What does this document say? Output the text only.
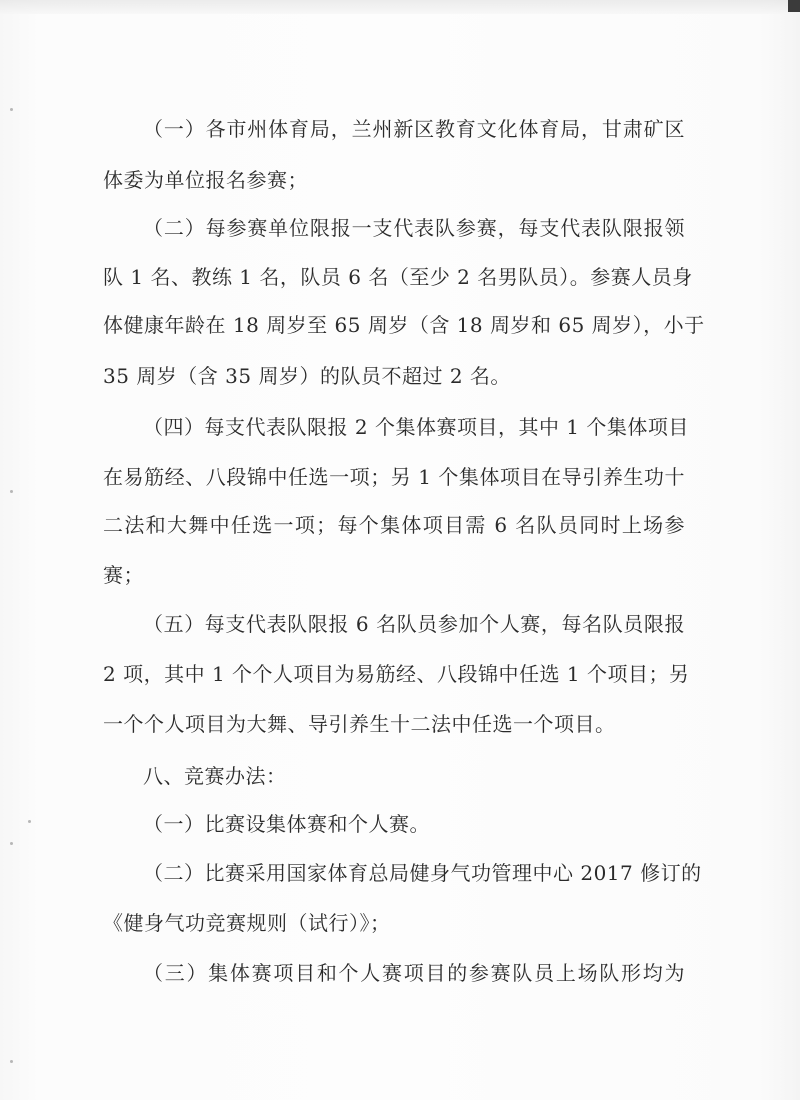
（一）各市州体育局，兰州新区教育文化体育局，甘肃矿区
体委为单位报名参赛；
（二）每参赛单位限报一支代表队参赛，每支代表队限报领
队 1 名、教练 1 名，队员 6 名（至少 2 名男队员）。参赛人员身
体健康年龄在 18 周岁至 65 周岁（含 18 周岁和 65 周岁），小于
35 周岁（含 35 周岁）的队员不超过 2 名。
（四）每支代表队限报 2 个集体赛项目，其中 1 个集体项目
在易筋经、八段锦中任选一项；另 1 个集体项目在导引养生功十
二法和大舞中任选一项；每个集体项目需 6 名队员同时上场参
赛；
（五）每支代表队限报 6 名队员参加个人赛，每名队员限报
2 项，其中 1 个个人项目为易筋经、八段锦中任选 1 个项目；另
一个个人项目为大舞、导引养生十二法中任选一个项目。
八、竞赛办法：
（一）比赛设集体赛和个人赛。
（二）比赛采用国家体育总局健身气功管理中心 2017 修订的
《健身气功竞赛规则（试行）》；
（三）集体赛项目和个人赛项目的参赛队员上场队形均为
